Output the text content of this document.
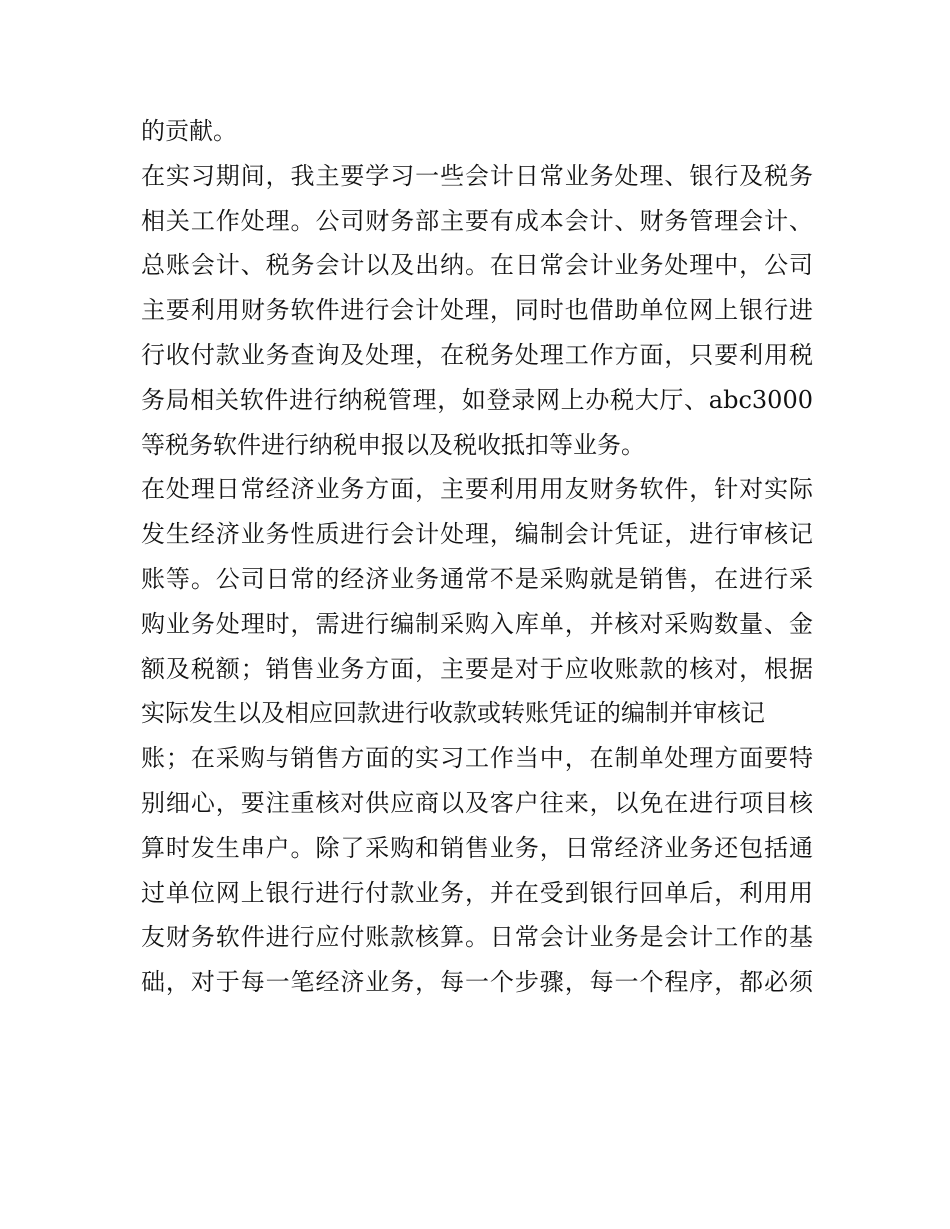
的贡献。
在实习期间，我主要学习一些会计日常业务处理、银行及税务
相关工作处理。公司财务部主要有成本会计、财务管理会计、
总账会计、税务会计以及出纳。在日常会计业务处理中，公司
主要利用财务软件进行会计处理，同时也借助单位网上银行进
行收付款业务查询及处理，在税务处理工作方面，只要利用税
务局相关软件进行纳税管理，如登录网上办税大厅、abc3000
等税务软件进行纳税申报以及税收抵扣等业务。
在处理日常经济业务方面，主要利用用友财务软件，针对实际
发生经济业务性质进行会计处理，编制会计凭证，进行审核记
账等。公司日常的经济业务通常不是采购就是销售，在进行采
购业务处理时，需进行编制采购入库单，并核对采购数量、金
额及税额；销售业务方面，主要是对于应收账款的核对，根据
实际发生以及相应回款进行收款或转账凭证的编制并审核记
账；在采购与销售方面的实习工作当中，在制单处理方面要特
别细心，要注重核对供应商以及客户往来，以免在进行项目核
算时发生串户。除了采购和销售业务，日常经济业务还包括通
过单位网上银行进行付款业务，并在受到银行回单后，利用用
友财务软件进行应付账款核算。日常会计业务是会计工作的基
础，对于每一笔经济业务，每一个步骤，每一个程序，都必须
